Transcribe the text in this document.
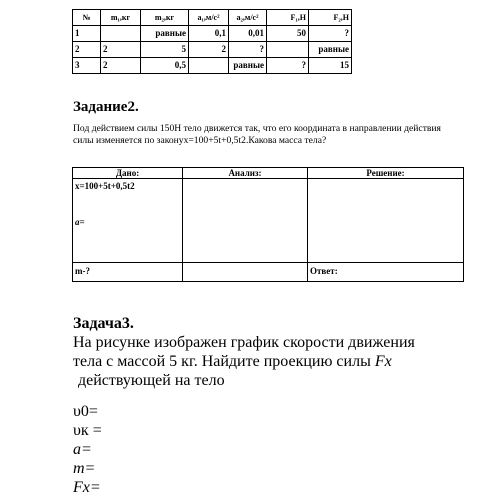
№	m₁,кг	m₂,кг	a₁,м/с²	a₂,м/с²	F₁,Н	F₂,Н
1		равные	0,1	0,01	50	?
2	2	5	2	?		равные
3	2	0,5		равные	?	15
Задание2.
Под действием силы 150Н тело движется так, что его координата в направлении действия силы изменяется по законух=100+5t+0,5t2.Какова масса тела?
Дано:	Анализ:	Решение:

x=100+5t+0,5t2
a=		

m-?		Ответ:
Задача3.
На рисунке изображен график скорости движения
тела с массой 5 кг. Найдите проекцию силы Fx
действующей на тело
υ0=
υк =
a=
m=
Fx=
